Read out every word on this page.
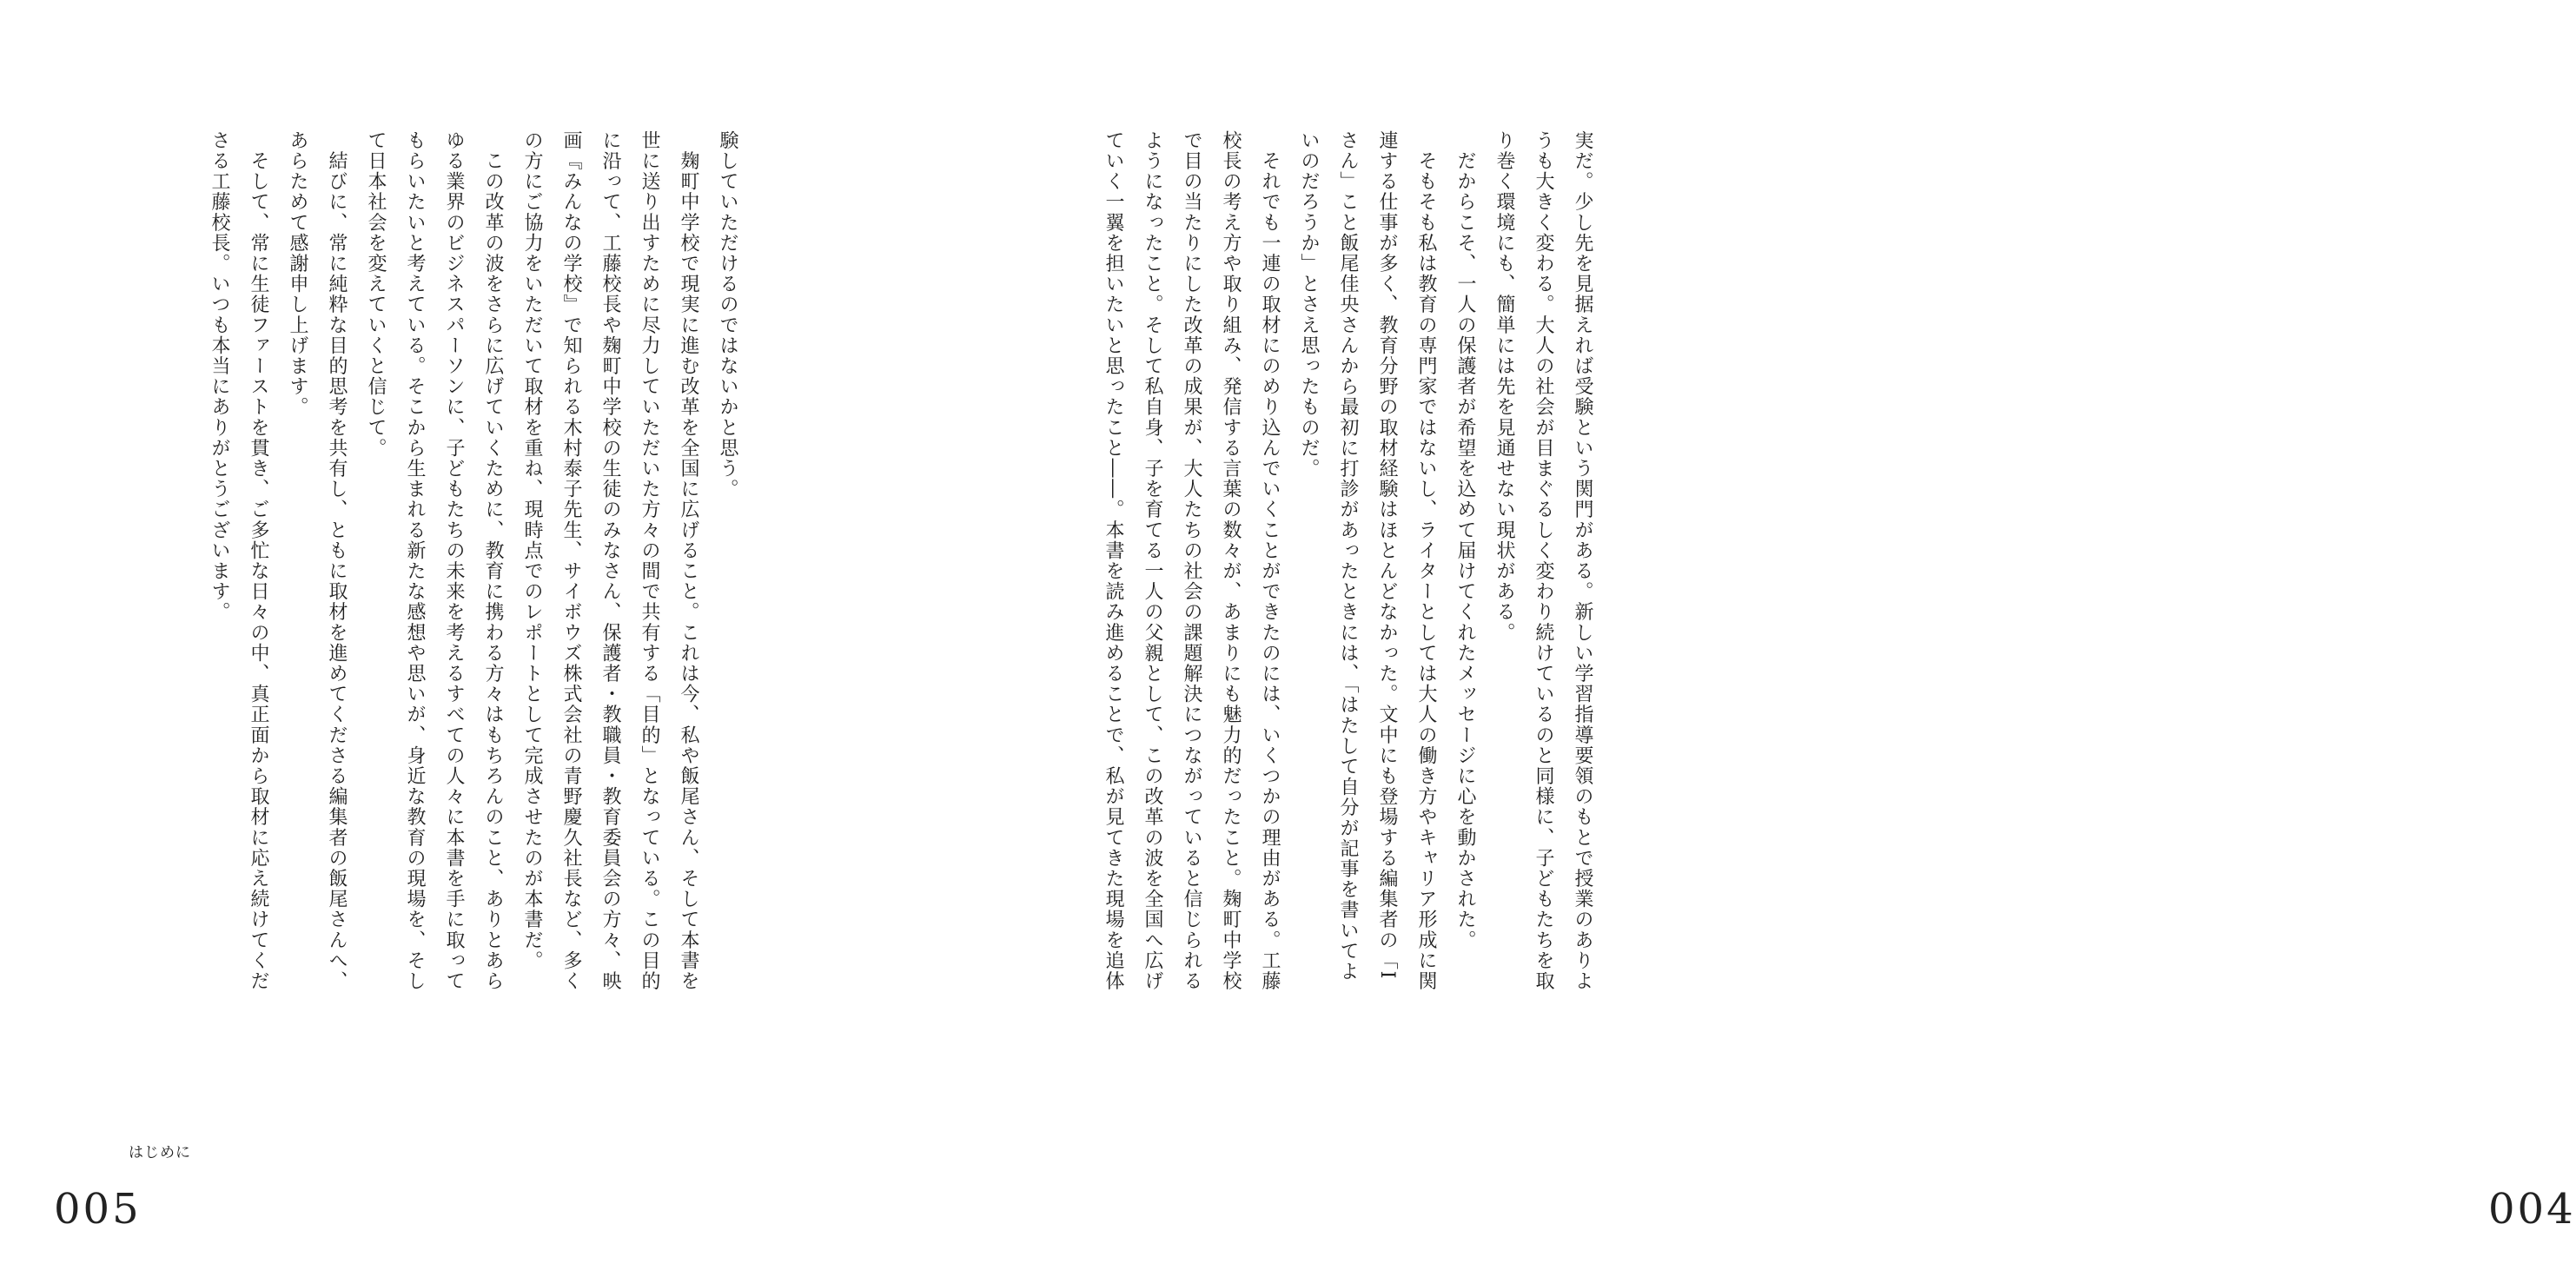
験していただけるのではないかと思う。

　麹町中学校で現実に進む改革を全国に広げること。これは今、私や飯尾さん、そして本書を

世に送り出すために尽力していただいた方々の間で共有する「目的」となっている。この目的

に沿って、工藤校長や麹町中学校の生徒のみなさん、保護者・教職員・教育委員会の方々、映

画『みんなの学校』で知られる木村泰子先生、サイボウズ株式会社の青野慶久社長など、多く

の方にご協力をいただいて取材を重ね、現時点でのレポートとして完成させたのが本書だ。

　この改革の波をさらに広げていくために、教育に携わる方々はもちろんのこと、ありとあら

ゆる業界のビジネスパーソンに、子どもたちの未来を考えるすべての人々に本書を手に取って

もらいたいと考えている。そこから生まれる新たな感想や思いが、身近な教育の現場を、そし

て日本社会を変えていくと信じて。

　結びに、常に純粋な目的思考を共有し、ともに取材を進めてくださる編集者の飯尾さんへ、

あらためて感謝申し上げます。

　そして、常に生徒ファーストを貫き、ご多忙な日々の中、真正面から取材に応え続けてくだ

さる工藤校長。いつも本当にありがとうございます。

はじめに
005

実だ。少し先を見据えれば受験という関門がある。新しい学習指導要領のもとで授業のありよ

うも大きく変わる。大人の社会が目まぐるしく変わり続けているのと同様に、子どもたちを取

り巻く環境にも、簡単には先を見通せない現状がある。

　だからこそ、一人の保護者が希望を込めて届けてくれたメッセージに心を動かされた。

　そもそも私は教育の専門家ではないし、ライターとしては大人の働き方やキャリア形成に関

連する仕事が多く、教育分野の取材経験はほとんどなかった。文中にも登場する編集者の「I

さん」こと飯尾佳央さんから最初に打診があったときには、「はたして自分が記事を書いてよ

いのだろうか」とさえ思ったものだ。

　それでも一連の取材にのめり込んでいくことができたのには、いくつかの理由がある。工藤

校長の考え方や取り組み、発信する言葉の数々が、あまりにも魅力的だったこと。麹町中学校

で目の当たりにした改革の成果が、大人たちの社会の課題解決につながっていると信じられる

ようになったこと。そして私自身、子を育てる一人の父親として、この改革の波を全国へ広げ

ていく一翼を担いたいと思ったこと――。本書を読み進めることで、私が見てきた現場を追体

004
